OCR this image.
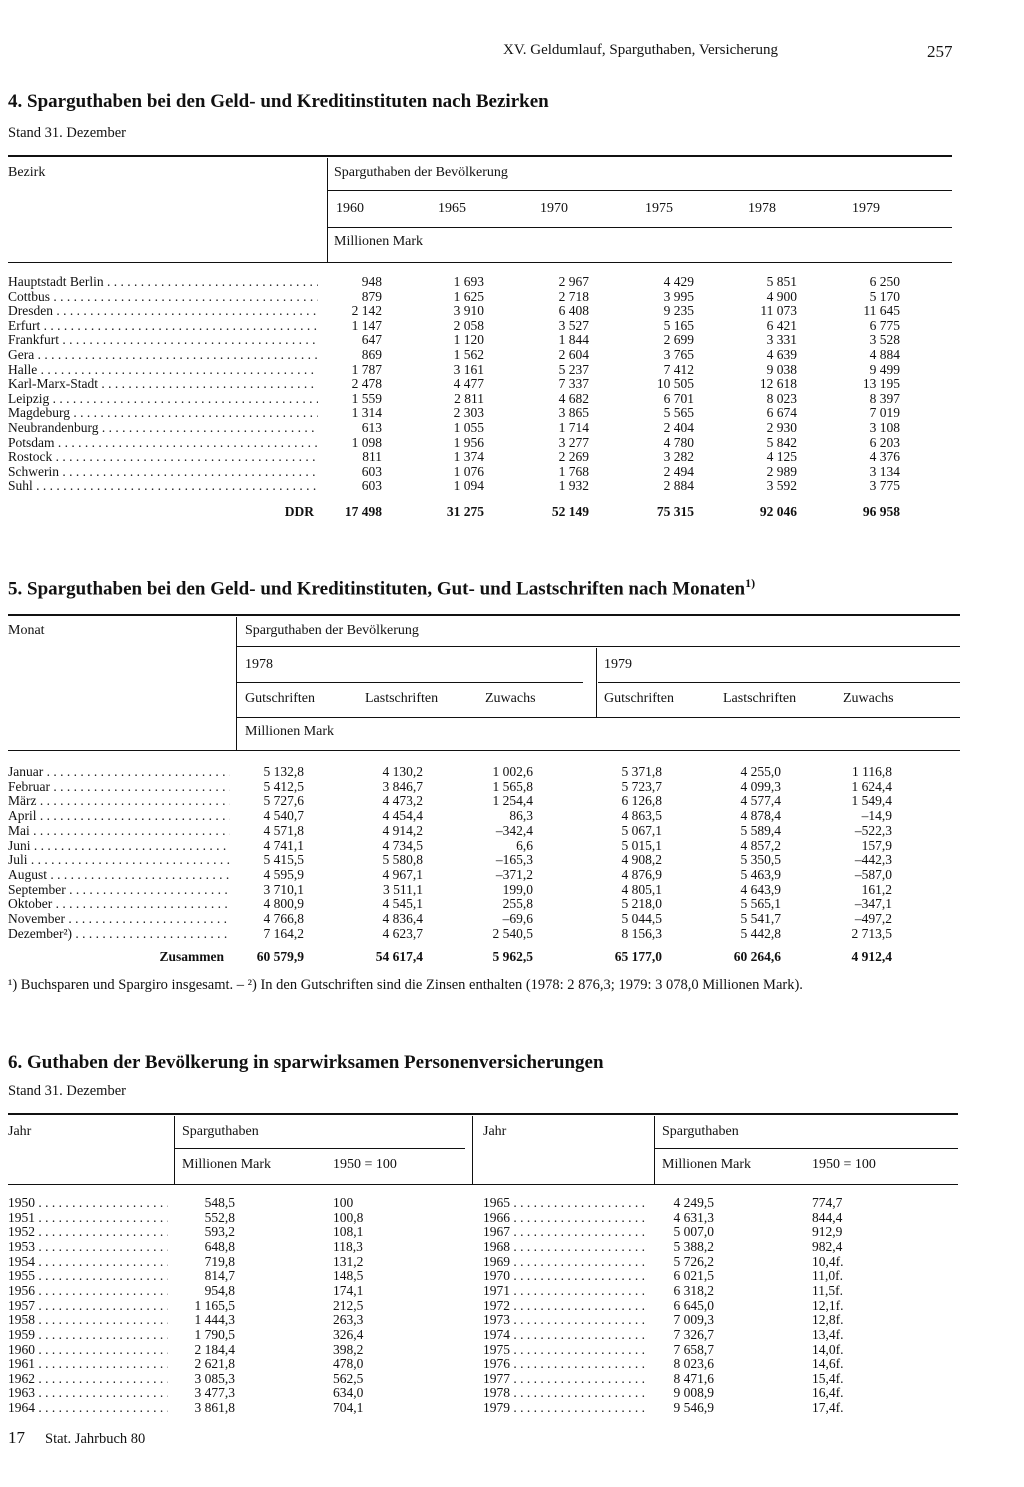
XV. Geldumlauf, Sparguthaben, Versicherung	257
4. Sparguthaben bei den Geld- und Kreditinstituten nach Bezirken
Stand 31. Dezember
Bezirk	Sparguthaben der Bevölkerung
1960	1965	1970	1975	1978	1979
Millionen Mark
Hauptstadt Berlin . . .	948	1 693	2 967	4 429	5 851	6 250
Cottbus . . .	879	1 625	2 718	3 995	4 900	5 170
Dresden . . .	2 142	3 910	6 408	9 235	11 073	11 645
Erfurt . . .	1 147	2 058	3 527	5 165	6 421	6 775
Frankfurt . . .	647	1 120	1 844	2 699	3 331	3 528
Gera . . .	869	1 562	2 604	3 765	4 639	4 884
Halle . . .	1 787	3 161	5 237	7 412	9 038	9 499
Karl-Marx-Stadt . . .	2 478	4 477	7 337	10 505	12 618	13 195
Leipzig . . .	1 559	2 811	4 682	6 701	8 023	8 397
Magdeburg . . .	1 314	2 303	3 865	5 565	6 674	7 019
Neubrandenburg . . .	613	1 055	1 714	2 404	2 930	3 108
Potsdam . . .	1 098	1 956	3 277	4 780	5 842	6 203
Rostock . . .	811	1 374	2 269	3 282	4 125	4 376
Schwerin . . .	603	1 076	1 768	2 494	2 989	3 134
Suhl . . .	603	1 094	1 932	2 884	3 592	3 775
DDR 17 498	31 275	52 149	75 315	92 046	96 958
5. Sparguthaben bei den Geld- und Kreditinstituten, Gut- und Lastschriften nach Monaten$^{1)}$
Monat	Sparguthaben der Bevölkerung
1978	1979
Gutschriften	Lastschriften	Zuwachs	Gutschriften	Lastschriften	Zuwachs
Millionen Mark
Januar . . .	5 132,8	4 130,2	1 002,6	5 371,8	4 255,0	1 116,8
Februar . . .	5 412,5	3 846,7	1 565,8	5 723,7	4 099,3	1 624,4
März . . .	5 727,6	4 473,2	1 254,4	6 126,8	4 577,4	1 549,4
April . . .	4 540,7	4 454,4	86,3	4 863,5	4 878,4	–14,9
Mai . . .	4 571,8	4 914,2	–342,4	5 067,1	5 589,4	–522,3
Juni . . .	4 741,1	4 734,5	6,6	5 015,1	4 857,2	157,9
Juli . . .	5 415,5	5 580,8	–165,3	4 908,2	5 350,5	–442,3
August . . .	4 595,9	4 967,1	–371,2	4 876,9	5 463,9	–587,0
September . . .	3 710,1	3 511,1	199,0	4 805,1	4 643,9	161,2
Oktober . . .	4 800,9	4 545,1	255,8	5 218,0	5 565,1	–347,1
November . . .	4 766,8	4 836,4	–69,6	5 044,5	5 541,7	–497,2
Dezember²) . . .	7 164,2	4 623,7	2 540,5	8 156,3	5 442,8	2 713,5
Zusammen 60 579,9	54 617,4	5 962,5	65 177,0	60 264,6	4 912,4
¹) Buchsparen und Spargiro insgesamt. – ²) In den Gutschriften sind die Zinsen enthalten (1978: 2 876,3; 1979: 3 078,0 Millionen Mark).
6. Guthaben der Bevölkerung in sparwirksamen Personenversicherungen
Stand 31. Dezember
Jahr	Sparguthaben
Millionen Mark	1950 = 100
Jahr	Sparguthaben
Millionen Mark	1950 = 100
1950 . . .	548,5	100	1965 . . .	4 249,5	774,7
1951 . . .	552,8	100,8	1966 . . .	4 631,3	844,4
1952 . . .	593,2	108,1	1967 . . .	5 007,0	912,9
1953 . . .	648,8	118,3	1968 . . .	5 388,2	982,4
1954 . . .	719,8	131,2	1969 . . .	5 726,2	10,4f.
1955 . . .	814,7	148,5	1970 . . .	6 021,5	11,0f.
1956 . . .	954,8	174,1	1971 . . .	6 318,2	11,5f.
1957 . . .	1 165,5	212,5	1972 . . .	6 645,0	12,1f.
1958 . . .	1 444,3	263,3	1973 . . .	7 009,3	12,8f.
1959 . . .	1 790,5	326,4	1974 . . .	7 326,7	13,4f.
1960 . . .	2 184,4	398,2	1975 . . .	7 658,7	14,0f.
1961 . . .	2 621,8	478,0	1976 . . .	8 023,6	14,6f.
1962 . . .	3 085,3	562,5	1977 . . .	8 471,6	15,4f.
1963 . . .	3 477,3	634,0	1978 . . .	9 008,9	16,4f.
1964 . . .	3 861,8	704,1	1979 . . .	9 546,9	17,4f.
17 Stat. Jahrbuch 80
